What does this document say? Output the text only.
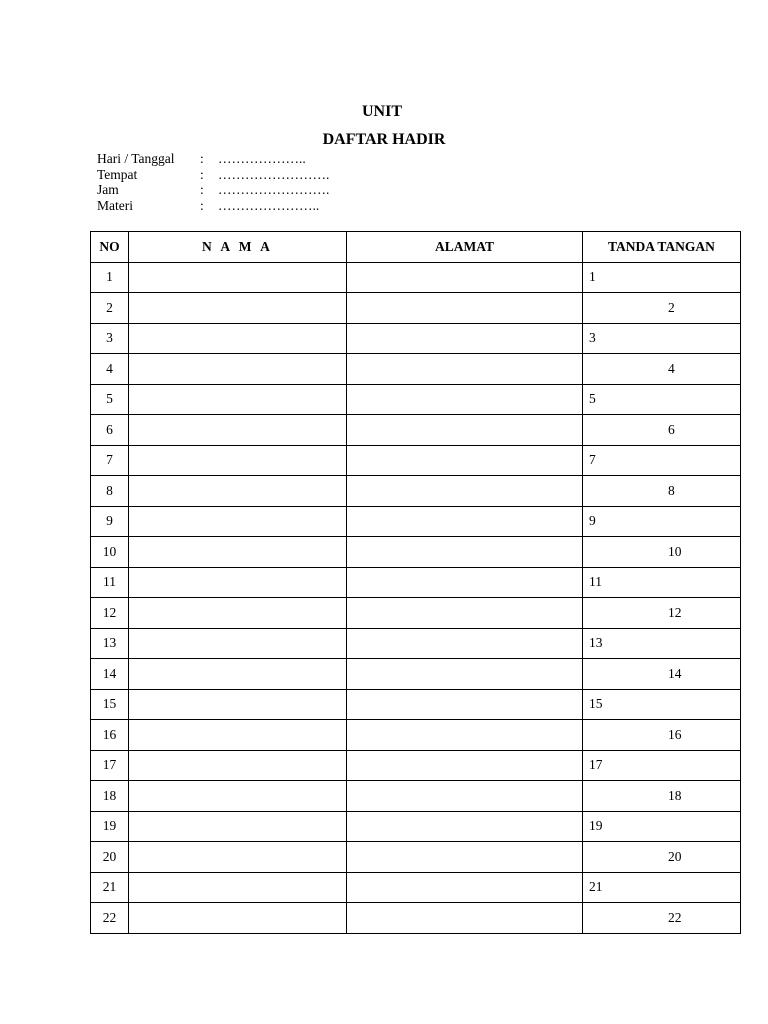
UNIT
DAFTAR HADIR
Hari / Tanggal	:	………………..
Tempat	:	…………………….
Jam	:	…………………….
Materi	:	…………………..
NO	N A M A	ALAMAT	TANDA TANGAN
1			1
2			2
3			3
4			4
5			5
6			6
7			7
8			8
9			9
10			10
11			11
12			12
13			13
14			14
15			15
16			16
17			17
18			18
19			19
20			20
21			21
22			22
